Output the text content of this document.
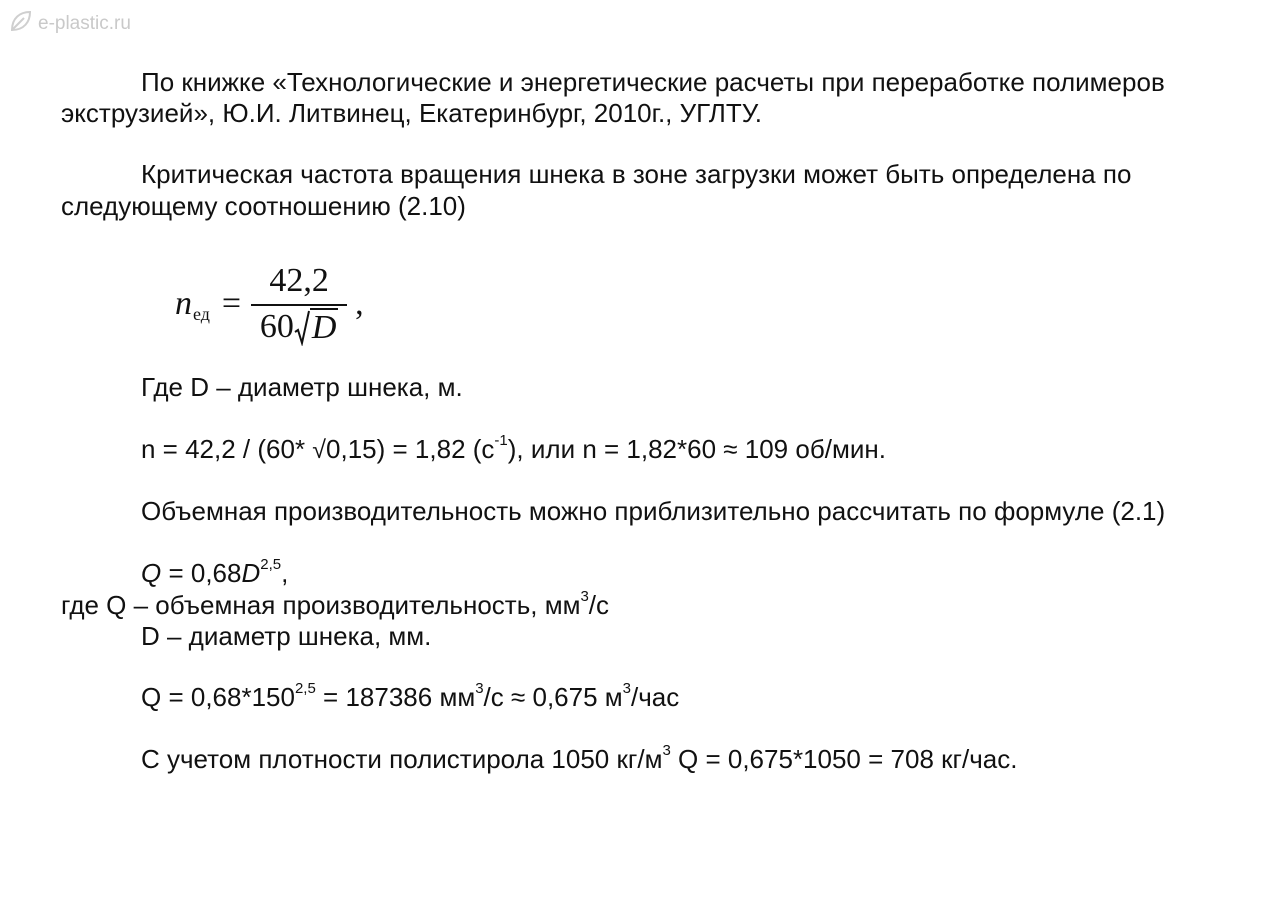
e-plastic.ru
По книжке «Технологические и энергетические расчеты при переработке полимеров
экструзией», Ю.И. Литвинец, Екатеринбург, 2010г., УГЛТУ.
Критическая частота вращения шнека в зоне загрузки может быть определена по
следующему соотношению (2.10)
n ед = $\frac{42,2}{60 D}$ ,
Где D – диаметр шнека, м.
n = 42,2 / (60* √0,15) = 1,82 $(с^{-1})$, или n = 1,82*60 ≈ 109 об/мин.
Объемная производительность можно приблизительно рассчитать по формуле (2.1)
$Q = 0,68D^{2,5}$,
где Q – объемная производительность, $мм^3/с$
D – диаметр шнека, мм.
$Q = 0,68*150^{2,5} = 187386$ $мм^3/с \approx 0,675$ $м^3$/час
С учетом плотности полистирола 1050 $кг/м^3$ Q = 0,675*1050 = 708 кг/час.
